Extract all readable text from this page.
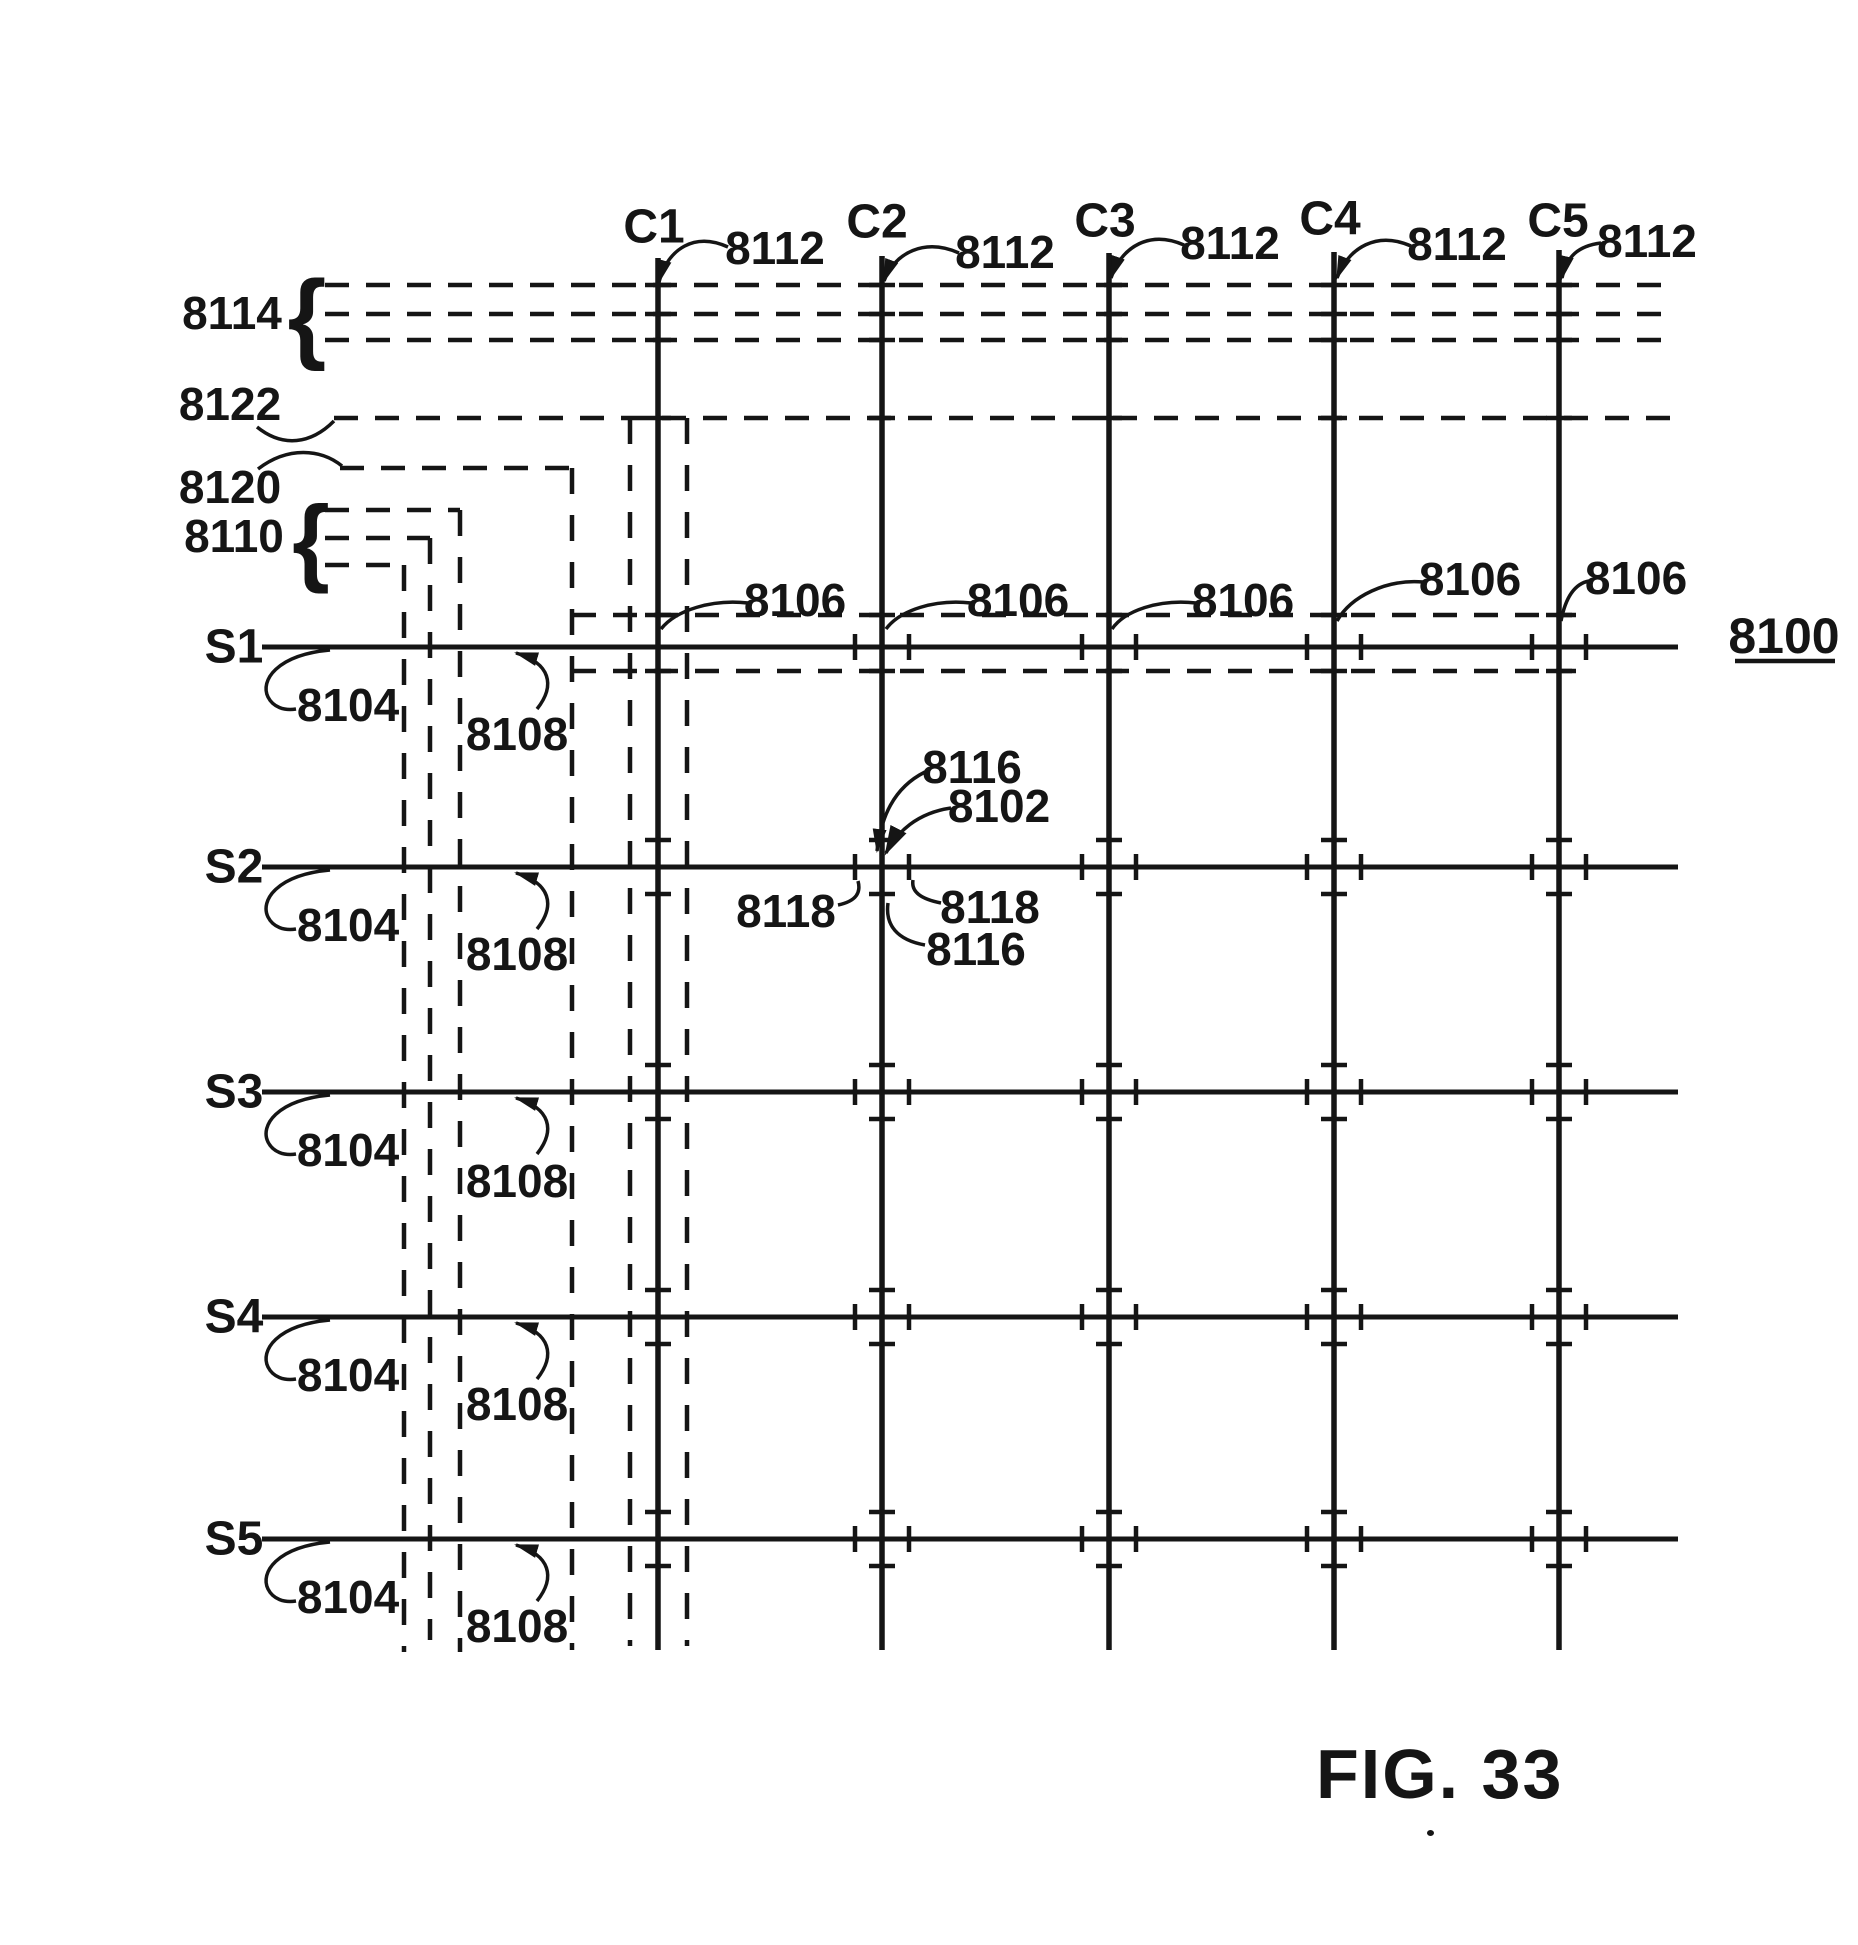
C1 8112 C2
8112
C3 8112 C4 8112 C5 8112
S1
8104
8108
S2
8104
8108
S3
8104
8108
S4
8104
8108
S5
8104
8108
{
{
8114
8122
8120
8110
8106	8106	8106	8106 8106
8116
8102
8118 8118
8116
8100
FIG. 33
